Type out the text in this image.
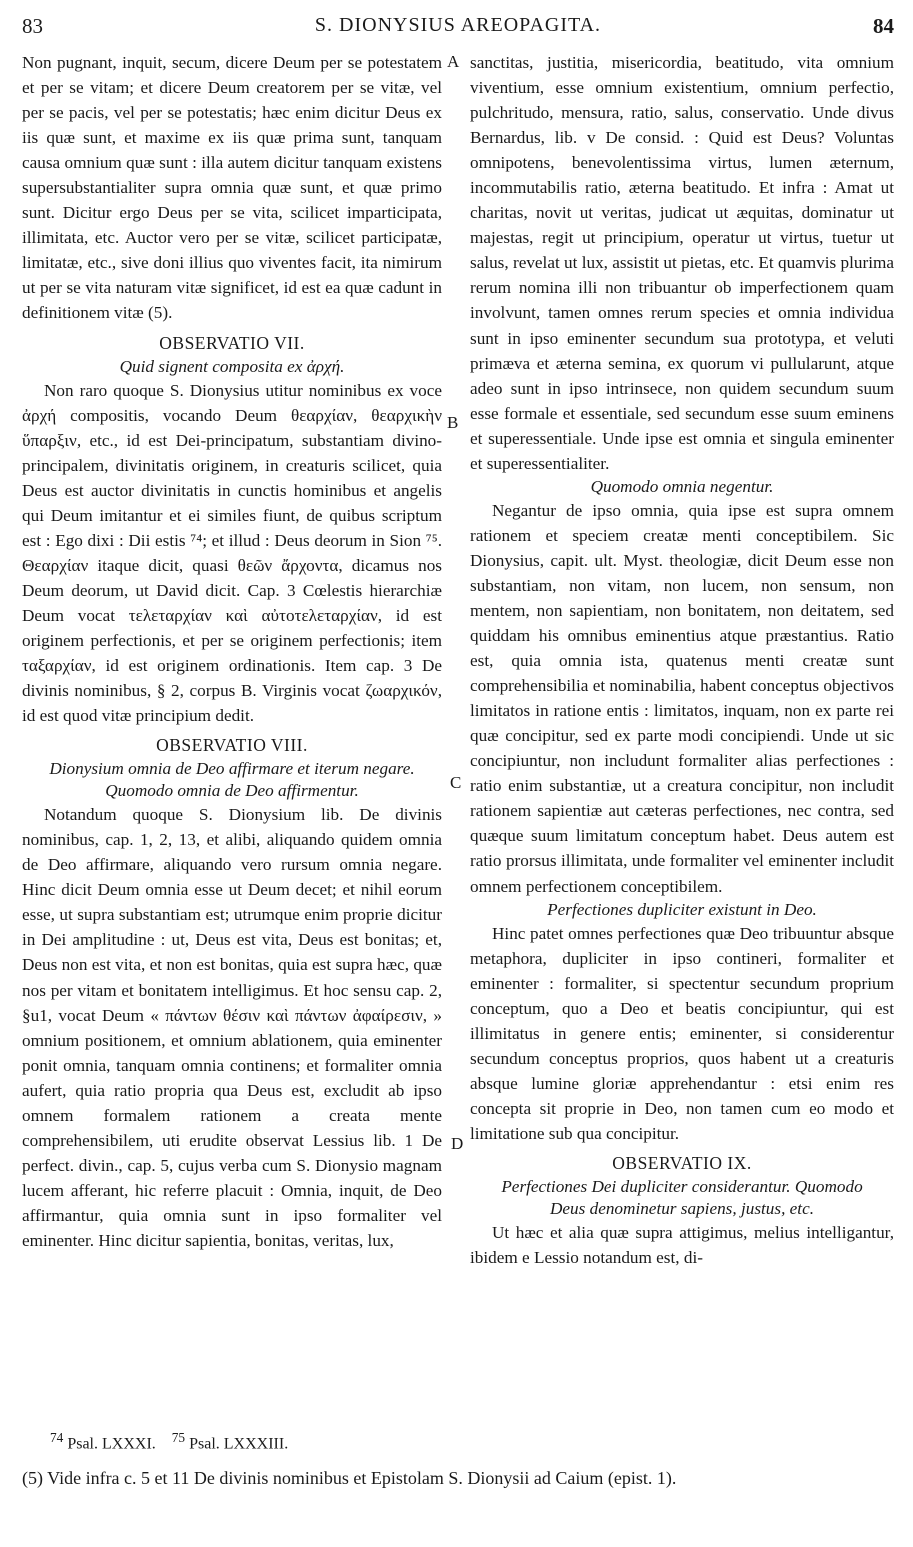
83	S. DIONYSIUS AREOPAGITA.	84
A
B
C
D

Non pugnant, inquit, secum, dicere Deum per se potestatem et per se vitam; et dicere Deum creatorem per se vitæ, vel per se pacis, vel per se potestatis; hæc enim dicitur Deus ex iis quæ sunt, et maxime ex iis quæ prima sunt, tanquam causa omnium quæ sunt : illa autem dicitur tanquam existens supersubstantialiter supra omnia quæ sunt, et quæ primo sunt. Dicitur ergo Deus per se vita, scilicet imparticipata, illimitata, etc. Auctor vero per se vitæ, scilicet participatæ, limitatæ, etc., sive doni illius quo viventes facit, ita nimirum ut per se vita naturam vitæ significet, id est ea quæ cadunt in definitionem vitæ (5).

OBSERVATIO VII.

Quid signent composita ex ἀρχή.

Non raro quoque S. Dionysius utitur nominibus ex voce ἀρχή compositis, vocando Deum θεαρχίαν, θεαρχικὴν ὕπαρξιν, etc., id est Dei-principatum, substantiam divino-principalem, divinitatis originem, in creaturis scilicet, quia Deus est auctor divinitatis in cunctis hominibus et angelis qui Deum imitantur et ei similes fiunt, de quibus scriptum est : Ego dixi : Dii estis ⁷⁴; et illud : Deus deorum in Sion ⁷⁵. Θεαρχίαν itaque dicit, quasi θεῶν ἄρχοντα, dicamus nos Deum deorum, ut David dicit. Cap. 3 Cœlestis hierarchiæ Deum vocat τελεταρχίαν καὶ αὐτοτελεταρχίαν, id est originem perfectionis, et per se originem perfectionis; item ταξαρχίαν, id est originem ordinationis. Item cap. 3 De divinis nominibus, § 2, corpus B. Virginis vocat ζωαρχικόν, id est quod vitæ principium dedit.

OBSERVATIO VIII.

Dionysium omnia de Deo affirmare et iterum negare.

Quomodo omnia de Deo affirmentur.

Notandum quoque S. Dionysium lib. De divinis nominibus, cap. 1, 2, 13, et alibi, aliquando quidem omnia de Deo affirmare, aliquando vero rursum omnia negare. Hinc dicit Deum omnia esse ut Deum decet; et nihil eorum esse, ut supra substantiam est; utrumque enim proprie dicitur in Dei amplitudine : ut, Deus est vita, Deus est bonitas; et, Deus non est vita, et non est bonitas, quia est supra hæc, quæ nos per vitam et bonitatem intelligimus. Et hoc sensu cap. 2, §u1, vocat Deum « πάντων θέσιν καὶ πάντων ἀφαίρεσιν, » omnium positionem, et omnium ablationem, quia eminenter ponit omnia, tanquam omnia continens; et formaliter omnia aufert, quia ratio propria qua Deus est, excludit ab ipso omnem formalem rationem a creata mente comprehensibilem, uti erudite observat Lessius lib. 1 De perfect. divin., cap. 5, cujus verba cum S. Dionysio magnam lucem afferant, hic referre placuit : Omnia, inquit, de Deo affirmantur, quia omnia sunt in ipso formaliter vel eminenter. Hinc dicitur sapientia, bonitas, veritas, lux,

sanctitas, justitia, misericordia, beatitudo, vita omnium viventium, esse omnium existentium, omnium perfectio, pulchritudo, mensura, ratio, salus, conservatio. Unde divus Bernardus, lib. v De consid. : Quid est Deus? Voluntas omnipotens, benevolentissima virtus, lumen æternum, incommutabilis ratio, æterna beatitudo. Et infra : Amat ut charitas, novit ut veritas, judicat ut æquitas, dominatur ut majestas, regit ut principium, operatur ut virtus, tuetur ut salus, revelat ut lux, assistit ut pietas, etc. Et quamvis plurima rerum nomina illi non tribuantur ob imperfectionem quam involvunt, tamen omnes rerum species et omnia individua sunt in ipso eminenter secundum sua prototypa, et veluti primæva et æterna semina, ex quorum vi pullularunt, atque adeo sunt in ipso intrinsece, non quidem secundum suum esse formale et essentiale, sed secundum esse suum eminens et superessentiale. Unde ipse est omnia et singula eminenter et superessentialiter.

Quomodo omnia negentur.

Negantur de ipso omnia, quia ipse est supra omnem rationem et speciem creatæ menti conceptibilem. Sic Dionysius, capit. ult. Myst. theologiæ, dicit Deum esse non substantiam, non vitam, non lucem, non sensum, non mentem, non sapientiam, non bonitatem, non deitatem, sed quiddam his omnibus eminentius atque præstantius. Ratio est, quia omnia ista, quatenus menti creatæ sunt comprehensibilia et nominabilia, habent conceptus objectivos limitatos in ratione entis : limitatos, inquam, non ex parte rei quæ concipitur, sed ex parte modi concipiendi. Unde ut sic concipiuntur, non includunt formaliter alias perfectiones : ratio enim substantiæ, ut a creatura concipitur, non includit rationem sapientiæ aut cæteras perfectiones, nec contra, sed quæque suum limitatum conceptum habet. Deus autem est ratio prorsus illimitata, unde formaliter vel eminenter includit omnem perfectionem conceptibilem.

Perfectiones dupliciter existunt in Deo.

Hinc patet omnes perfectiones quæ Deo tribuuntur absque metaphora, dupliciter in ipso contineri, formaliter et eminenter : formaliter, si spectentur secundum proprium conceptum, quo a Deo et beatis concipiuntur, qui est illimitatus in genere entis; eminenter, si considerentur secundum conceptus proprios, quos habent ut a creaturis absque lumine gloriæ apprehendantur : etsi enim res concepta sit proprie in Deo, non tamen cum eo modo et limitatione sub qua concipitur.

OBSERVATIO IX.

Perfectiones Dei dupliciter considerantur. Quomodo

Deus denominetur sapiens, justus, etc.

Ut hæc et alia quæ supra attigimus, melius intelligantur, ibidem e Lessio notandum est, di-

$^{74}$ Psal. LXXXI. $^{75}$ Psal. LXXXIII.
(5) Vide infra c. 5 et 11 De divinis nominibus et Epistolam S. Dionysii ad Caium (epist. 1).
